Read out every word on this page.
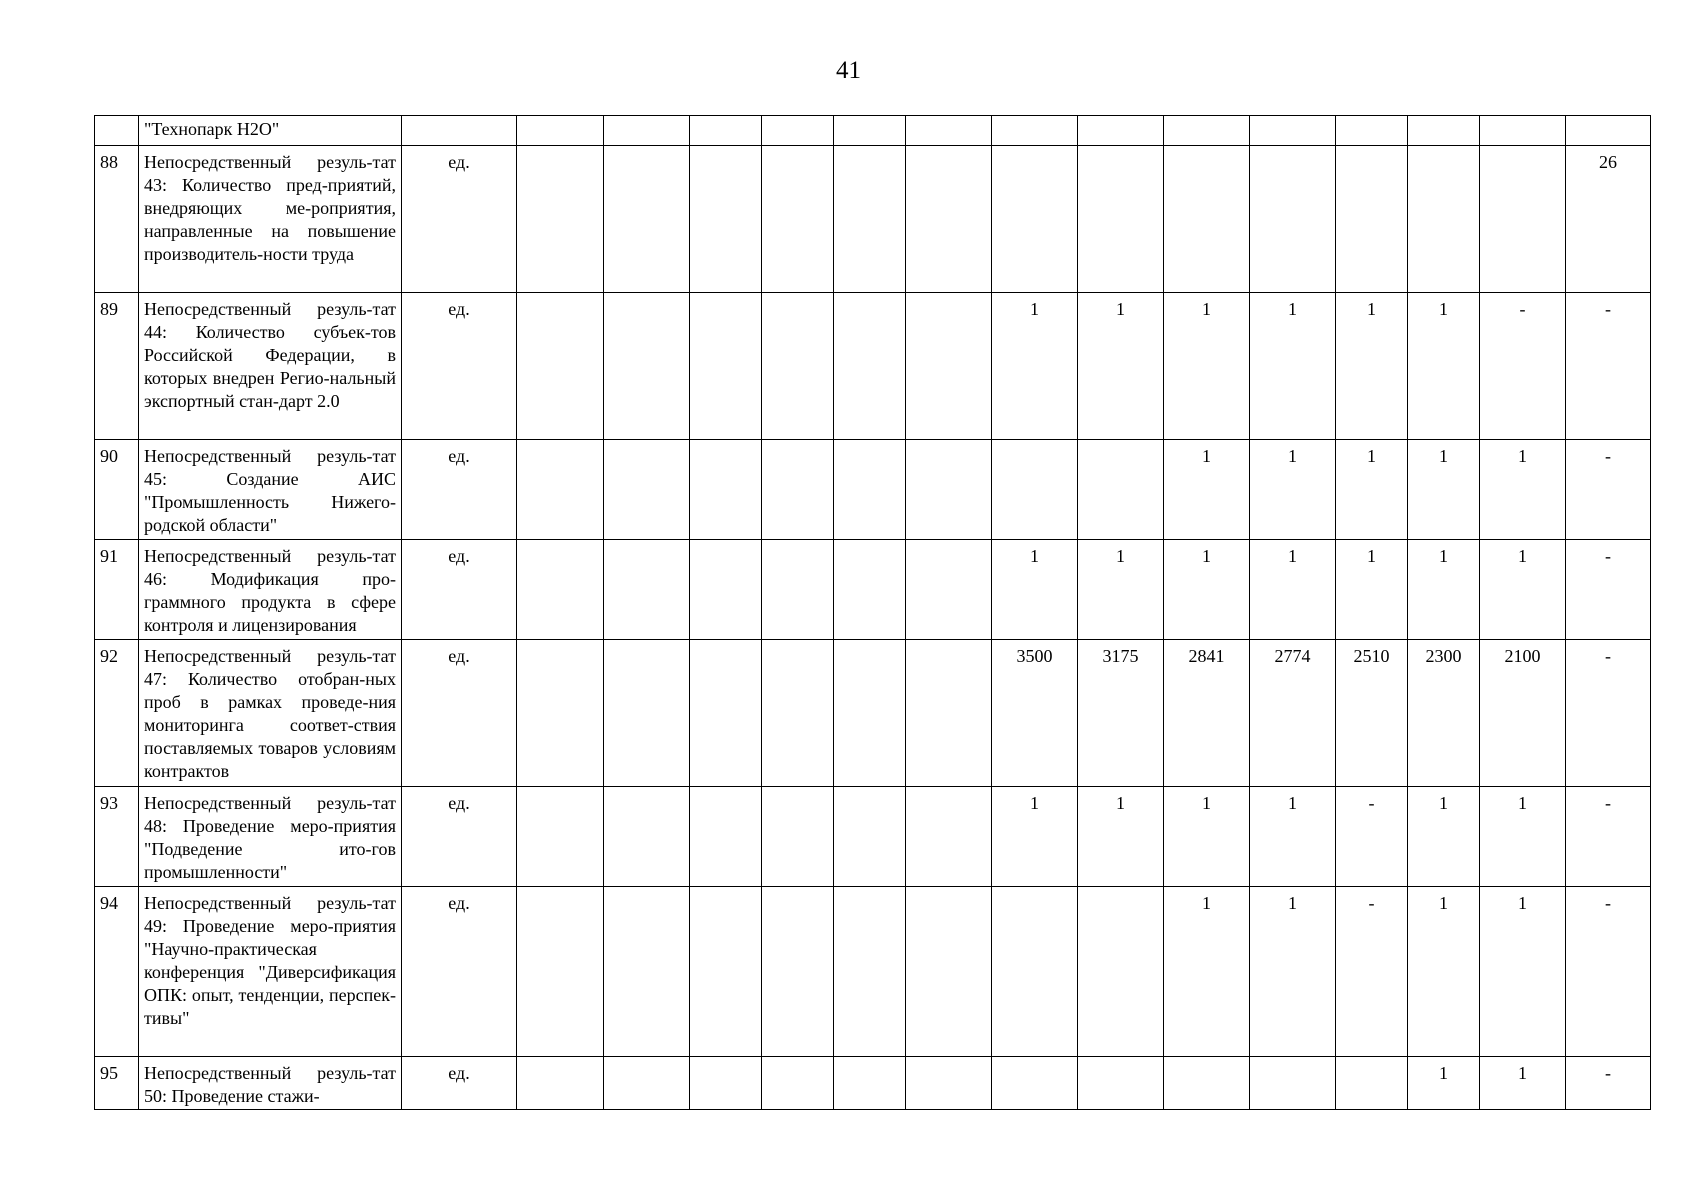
41
	"Технопарк Н2О"																
88	Непосредственный резуль-тат 43: Количество пред-приятий, внедряющих ме-роприятия, направленные на повышение производитель-ности труда	ед.														26	
89	Непосредственный резуль-тат 44: Количество субъек-тов Российской Федерации, в которых внедрен Регио-нальный экспортный стан-дарт 2.0	ед.							1	1	1	1	1	1	-	-	
90	Непосредственный резуль-тат 45: Создание АИС "Промышленность Нижего-родской области"	ед.									1	1	1	1	1	-	
91	Непосредственный резуль-тат 46: Модификация про-граммного продукта в сфере контроля и лицензирования	ед.							1	1	1	1	1	1	1	-	
92	Непосредственный резуль-тат 47: Количество отобран-ных проб в рамках проведе-ния мониторинга соответ-ствия поставляемых товаров условиям контрактов	ед.							3500	3175	2841	2774	2510	2300	2100	-	
93	Непосредственный резуль-тат 48: Проведение меро-приятия "Подведение ито-гов промышленности"	ед.							1	1	1	1	-	1	1	-	
94	Непосредственный резуль-тат 49: Проведение меро-приятия "Научно-практическая конференция "Диверсификация ОПК: опыт, тенденции, перспек-тивы"	ед.									1	1	-	1	1	-	
95	Непосредственный резуль-тат 50: Проведение стажи-	ед.												1	1	-	
